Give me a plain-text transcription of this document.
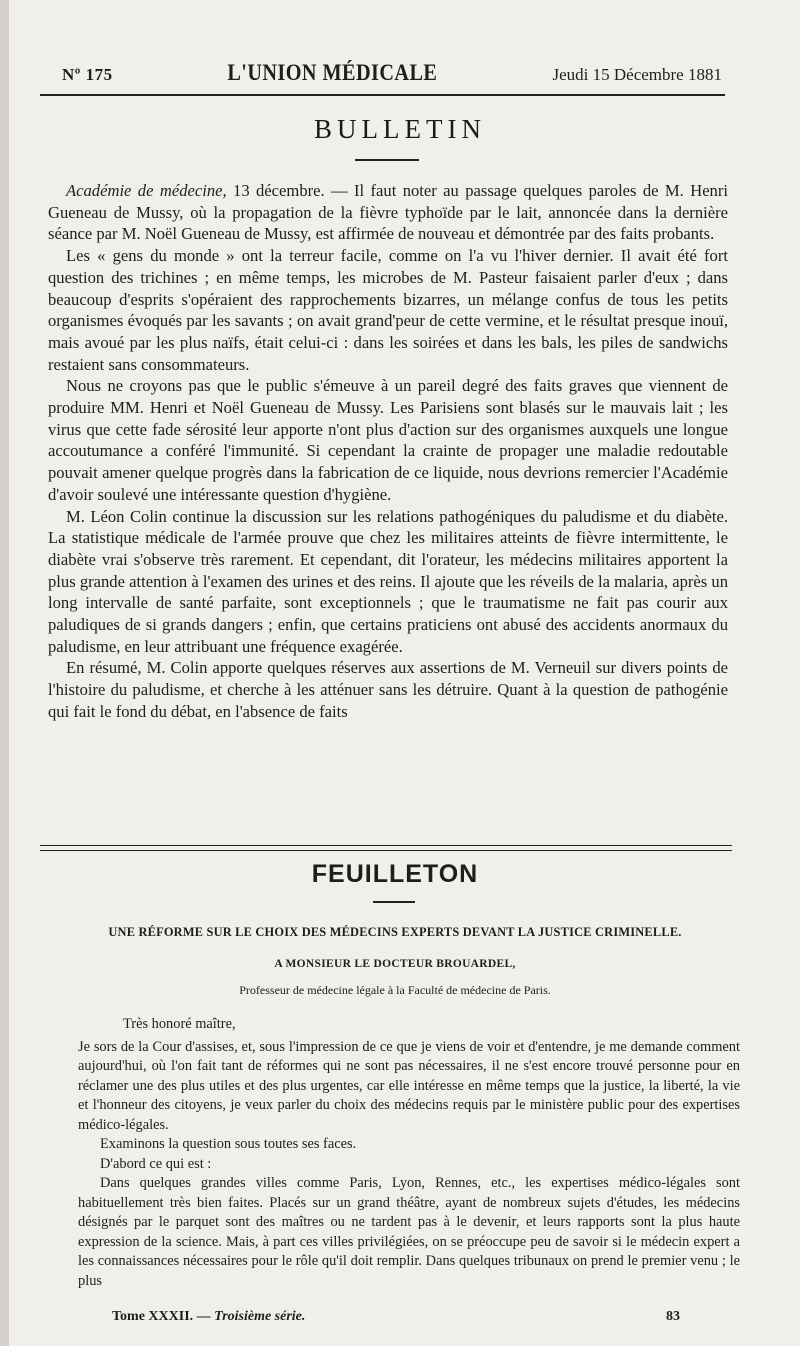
Nº 175	L'UNION MÉDICALE	Jeudi 15 Décembre 1881
BULLETIN

Académie de médecine, 13 décembre. — Il faut noter au passage quelques paroles de M. Henri Gueneau de Mussy, où la propagation de la fièvre typhoïde par le lait, annoncée dans la dernière séance par M. Noël Gueneau de Mussy, est affirmée de nouveau et démontrée par des faits probants.

Les « gens du monde » ont la terreur facile, comme on l'a vu l'hiver dernier. Il avait été fort question des trichines ; en même temps, les microbes de M. Pasteur faisaient parler d'eux ; dans beaucoup d'esprits s'opéraient des rapprochements bizarres, un mélange confus de tous les petits organismes évoqués par les savants ; on avait grand'peur de cette vermine, et le résultat presque inouï, mais avoué par les plus naïfs, était celui-ci : dans les soirées et dans les bals, les piles de sandwichs restaient sans consommateurs.

Nous ne croyons pas que le public s'émeuve à un pareil degré des faits graves que viennent de produire MM. Henri et Noël Gueneau de Mussy. Les Parisiens sont blasés sur le mauvais lait ; les virus que cette fade sérosité leur apporte n'ont plus d'action sur des organismes auxquels une longue accoutumance a conféré l'immunité. Si cependant la crainte de propager une maladie redoutable pouvait amener quelque progrès dans la fabrication de ce liquide, nous devrions remercier l'Académie d'avoir soulevé une intéressante question d'hygiène.

M. Léon Colin continue la discussion sur les relations pathogéniques du paludisme et du diabète. La statistique médicale de l'armée prouve que chez les militaires atteints de fièvre intermittente, le diabète vrai s'observe très rarement. Et cependant, dit l'orateur, les médecins militaires apportent la plus grande attention à l'examen des urines et des reins. Il ajoute que les réveils de la malaria, après un long intervalle de santé parfaite, sont exceptionnels ; que le traumatisme ne fait pas courir aux paludiques de si grands dangers ; enfin, que certains praticiens ont abusé des accidents anormaux du paludisme, en leur attribuant une fréquence exagérée.

En résumé, M. Colin apporte quelques réserves aux assertions de M. Verneuil sur divers points de l'histoire du paludisme, et cherche à les atténuer sans les détruire. Quant à la question de pathogénie qui fait le fond du débat, en l'absence de faits

FEUILLETON
UNE RÉFORME SUR LE CHOIX DES MÉDECINS EXPERTS DEVANT LA JUSTICE CRIMINELLE.
A MONSIEUR LE DOCTEUR BROUARDEL,
Professeur de médecine légale à la Faculté de médecine de Paris.

Très honoré maître,

Je sors de la Cour d'assises, et, sous l'impression de ce que je viens de voir et d'entendre, je me demande comment aujourd'hui, où l'on fait tant de réformes qui ne sont pas nécessaires, il ne s'est encore trouvé personne pour en réclamer une des plus utiles et des plus urgentes, car elle intéresse en même temps que la justice, la liberté, la vie et l'honneur des citoyens, je veux parler du choix des médecins requis par le ministère public pour des expertises médico-légales.

Examinons la question sous toutes ses faces.

D'abord ce qui est :

Dans quelques grandes villes comme Paris, Lyon, Rennes, etc., les expertises médico-légales sont habituellement très bien faites. Placés sur un grand théâtre, ayant de nombreux sujets d'études, les médecins désignés par le parquet sont des maîtres ou ne tardent pas à le devenir, et leurs rapports sont la plus haute expression de la science. Mais, à part ces villes privilégiées, on se préoccupe peu de savoir si le médecin expert a les connaissances nécessaires pour le rôle qu'il doit remplir. Dans quelques tribunaux on prend le premier venu ; le plus

Tome XXXII. — Troisième série.	83
